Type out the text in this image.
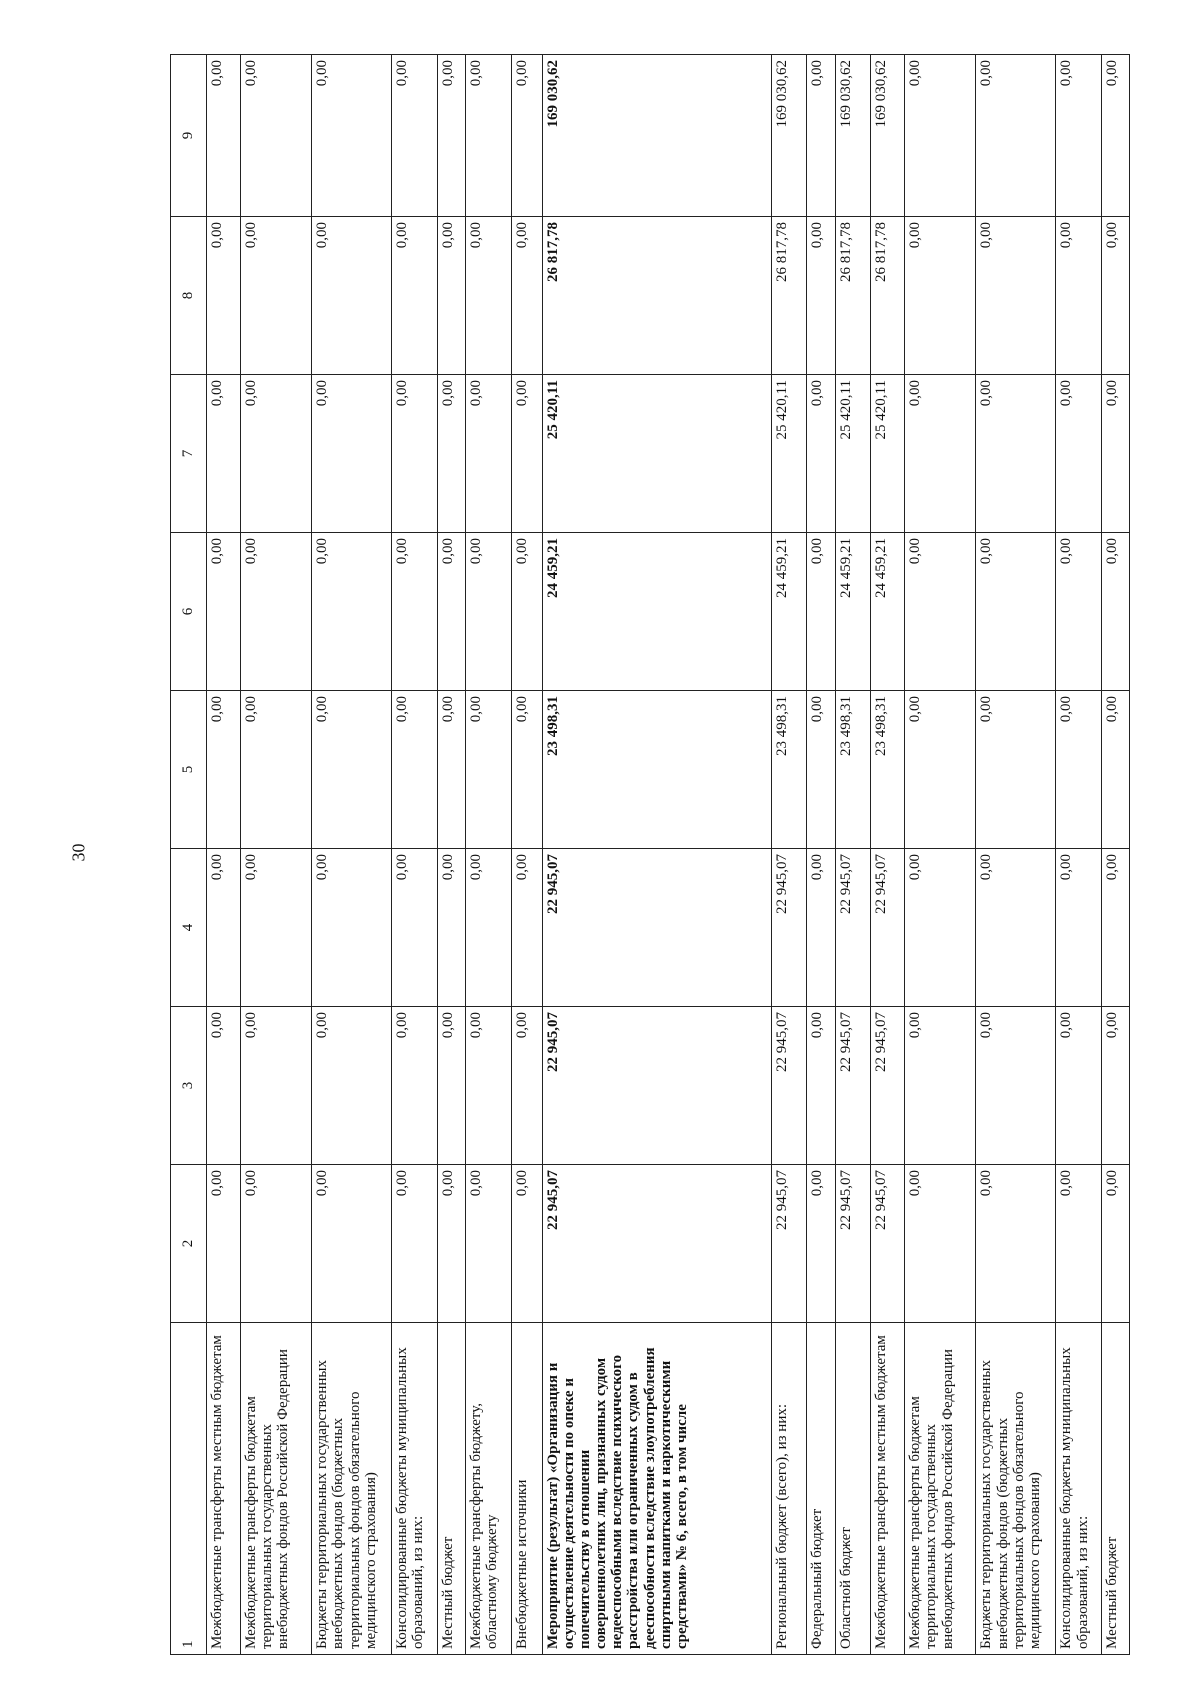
30
1	2	3	4	5	6	7	8	9
Межбюджетные трансферты местным бюджетам	0,00	0,00	0,00	0,00	0,00	0,00	0,00	0,00
Межбюджетные трансферты бюджетам территориальных государственных внебюджетных фондов Российской Федерации	0,00	0,00	0,00	0,00	0,00	0,00	0,00	0,00
Бюджеты территориальных государственных внебюджетных фондов (бюджетных территориальных фондов обязательного медицинского страхования)	0,00	0,00	0,00	0,00	0,00	0,00	0,00	0,00
Консолидированные бюджеты муниципальных образований, из них:	0,00	0,00	0,00	0,00	0,00	0,00	0,00	0,00
Местный бюджет	0,00	0,00	0,00	0,00	0,00	0,00	0,00	0,00
Межбюджетные трансферты бюджету, областному бюджету	0,00	0,00	0,00	0,00	0,00	0,00	0,00	0,00
Внебюджетные источники	0,00	0,00	0,00	0,00	0,00	0,00	0,00	0,00
Мероприятие (результат) «Организация и осуществление деятельности по опеке и попечительству в отношении совершеннолетних лиц, признанных судом недееспособными вследствие психического расстройства или ограниченных судом в дееспособности вследствие злоупотребления спиртными напитками и наркотическими средствами» № 6, всего, в том числе	22 945,07	22 945,07	22 945,07	23 498,31	24 459,21	25 420,11	26 817,78	169 030,62
Региональный бюджет (всего), из них:	22 945,07	22 945,07	22 945,07	23 498,31	24 459,21	25 420,11	26 817,78	169 030,62
Федеральный бюджет	0,00	0,00	0,00	0,00	0,00	0,00	0,00	0,00
Областной бюджет	22 945,07	22 945,07	22 945,07	23 498,31	24 459,21	25 420,11	26 817,78	169 030,62
Межбюджетные трансферты местным бюджетам	22 945,07	22 945,07	22 945,07	23 498,31	24 459,21	25 420,11	26 817,78	169 030,62
Межбюджетные трансферты бюджетам территориальных государственных внебюджетных фондов Российской Федерации	0,00	0,00	0,00	0,00	0,00	0,00	0,00	0,00
Бюджеты территориальных государственных внебюджетных фондов (бюджетных территориальных фондов обязательного медицинского страхования)	0,00	0,00	0,00	0,00	0,00	0,00	0,00	0,00
Консолидированные бюджеты муниципальных образований, из них:	0,00	0,00	0,00	0,00	0,00	0,00	0,00	0,00
Местный бюджет	0,00	0,00	0,00	0,00	0,00	0,00	0,00	0,00
